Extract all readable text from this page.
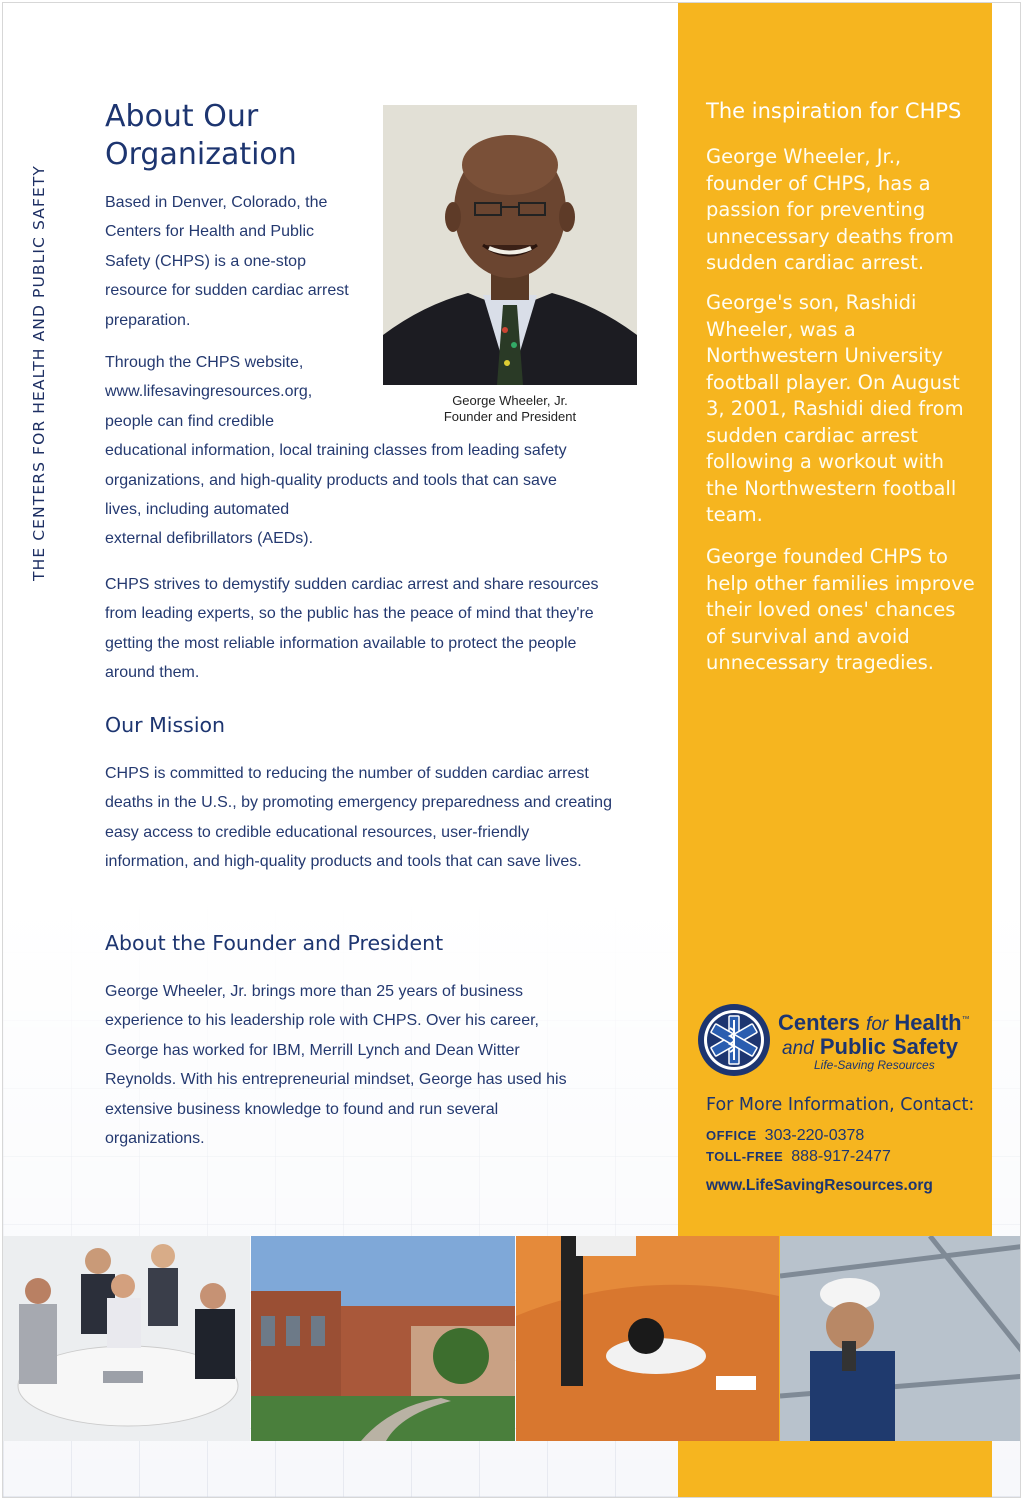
THE CENTERS FOR HEALTH AND PUBLIC SAFETY
About Our Organization

Based in Denver, Colorado, the Centers for Health and Public Safety (CHPS) is a one-stop resource for sudden cardiac arrest preparation.

George Wheeler, Jr.
Founder and President
Through the CHPS website,
www.lifesavingresources.org,
people can find credible
educational information, local training classes from leading safety
organizations, and high-quality products and tools that can save
lives, including automated
external defibrillators (AEDs).

CHPS strives to demystify sudden cardiac arrest and share resources from leading experts, so the public has the peace of mind that they're getting the most reliable information available to protect the people around them.

Our Mission

CHPS is committed to reducing the number of sudden cardiac arrest deaths in the U.S., by promoting emergency preparedness and creating easy access to credible educational resources, user-friendly information, and high-quality products and tools that can save lives.

About the Founder and President

George Wheeler, Jr. brings more than 25 years of business experience to his leadership role with CHPS. Over his career, George has worked for IBM, Merrill Lynch and Dean Witter Reynolds. With his entrepreneurial mindset, George has used his extensive business knowledge to found and run several organizations.

The inspiration for CHPS

George Wheeler, Jr., founder of CHPS, has a passion for preventing unnecessary deaths from sudden cardiac arrest.

George's son, Rashidi Wheeler, was a Northwestern University football player. On August 3, 2001, Rashidi died from sudden cardiac arrest following a workout with the Northwestern football team.

George founded CHPS to help other families improve their loved ones' chances of survival and avoid unnecessary tragedies.

Centers for Health™
and Public Safety
Life-Saving Resources
For More Information, Contact:
OFFICE 303-220-0378
TOLL-FREE 888-917-2477
www.LifeSavingResources.org
